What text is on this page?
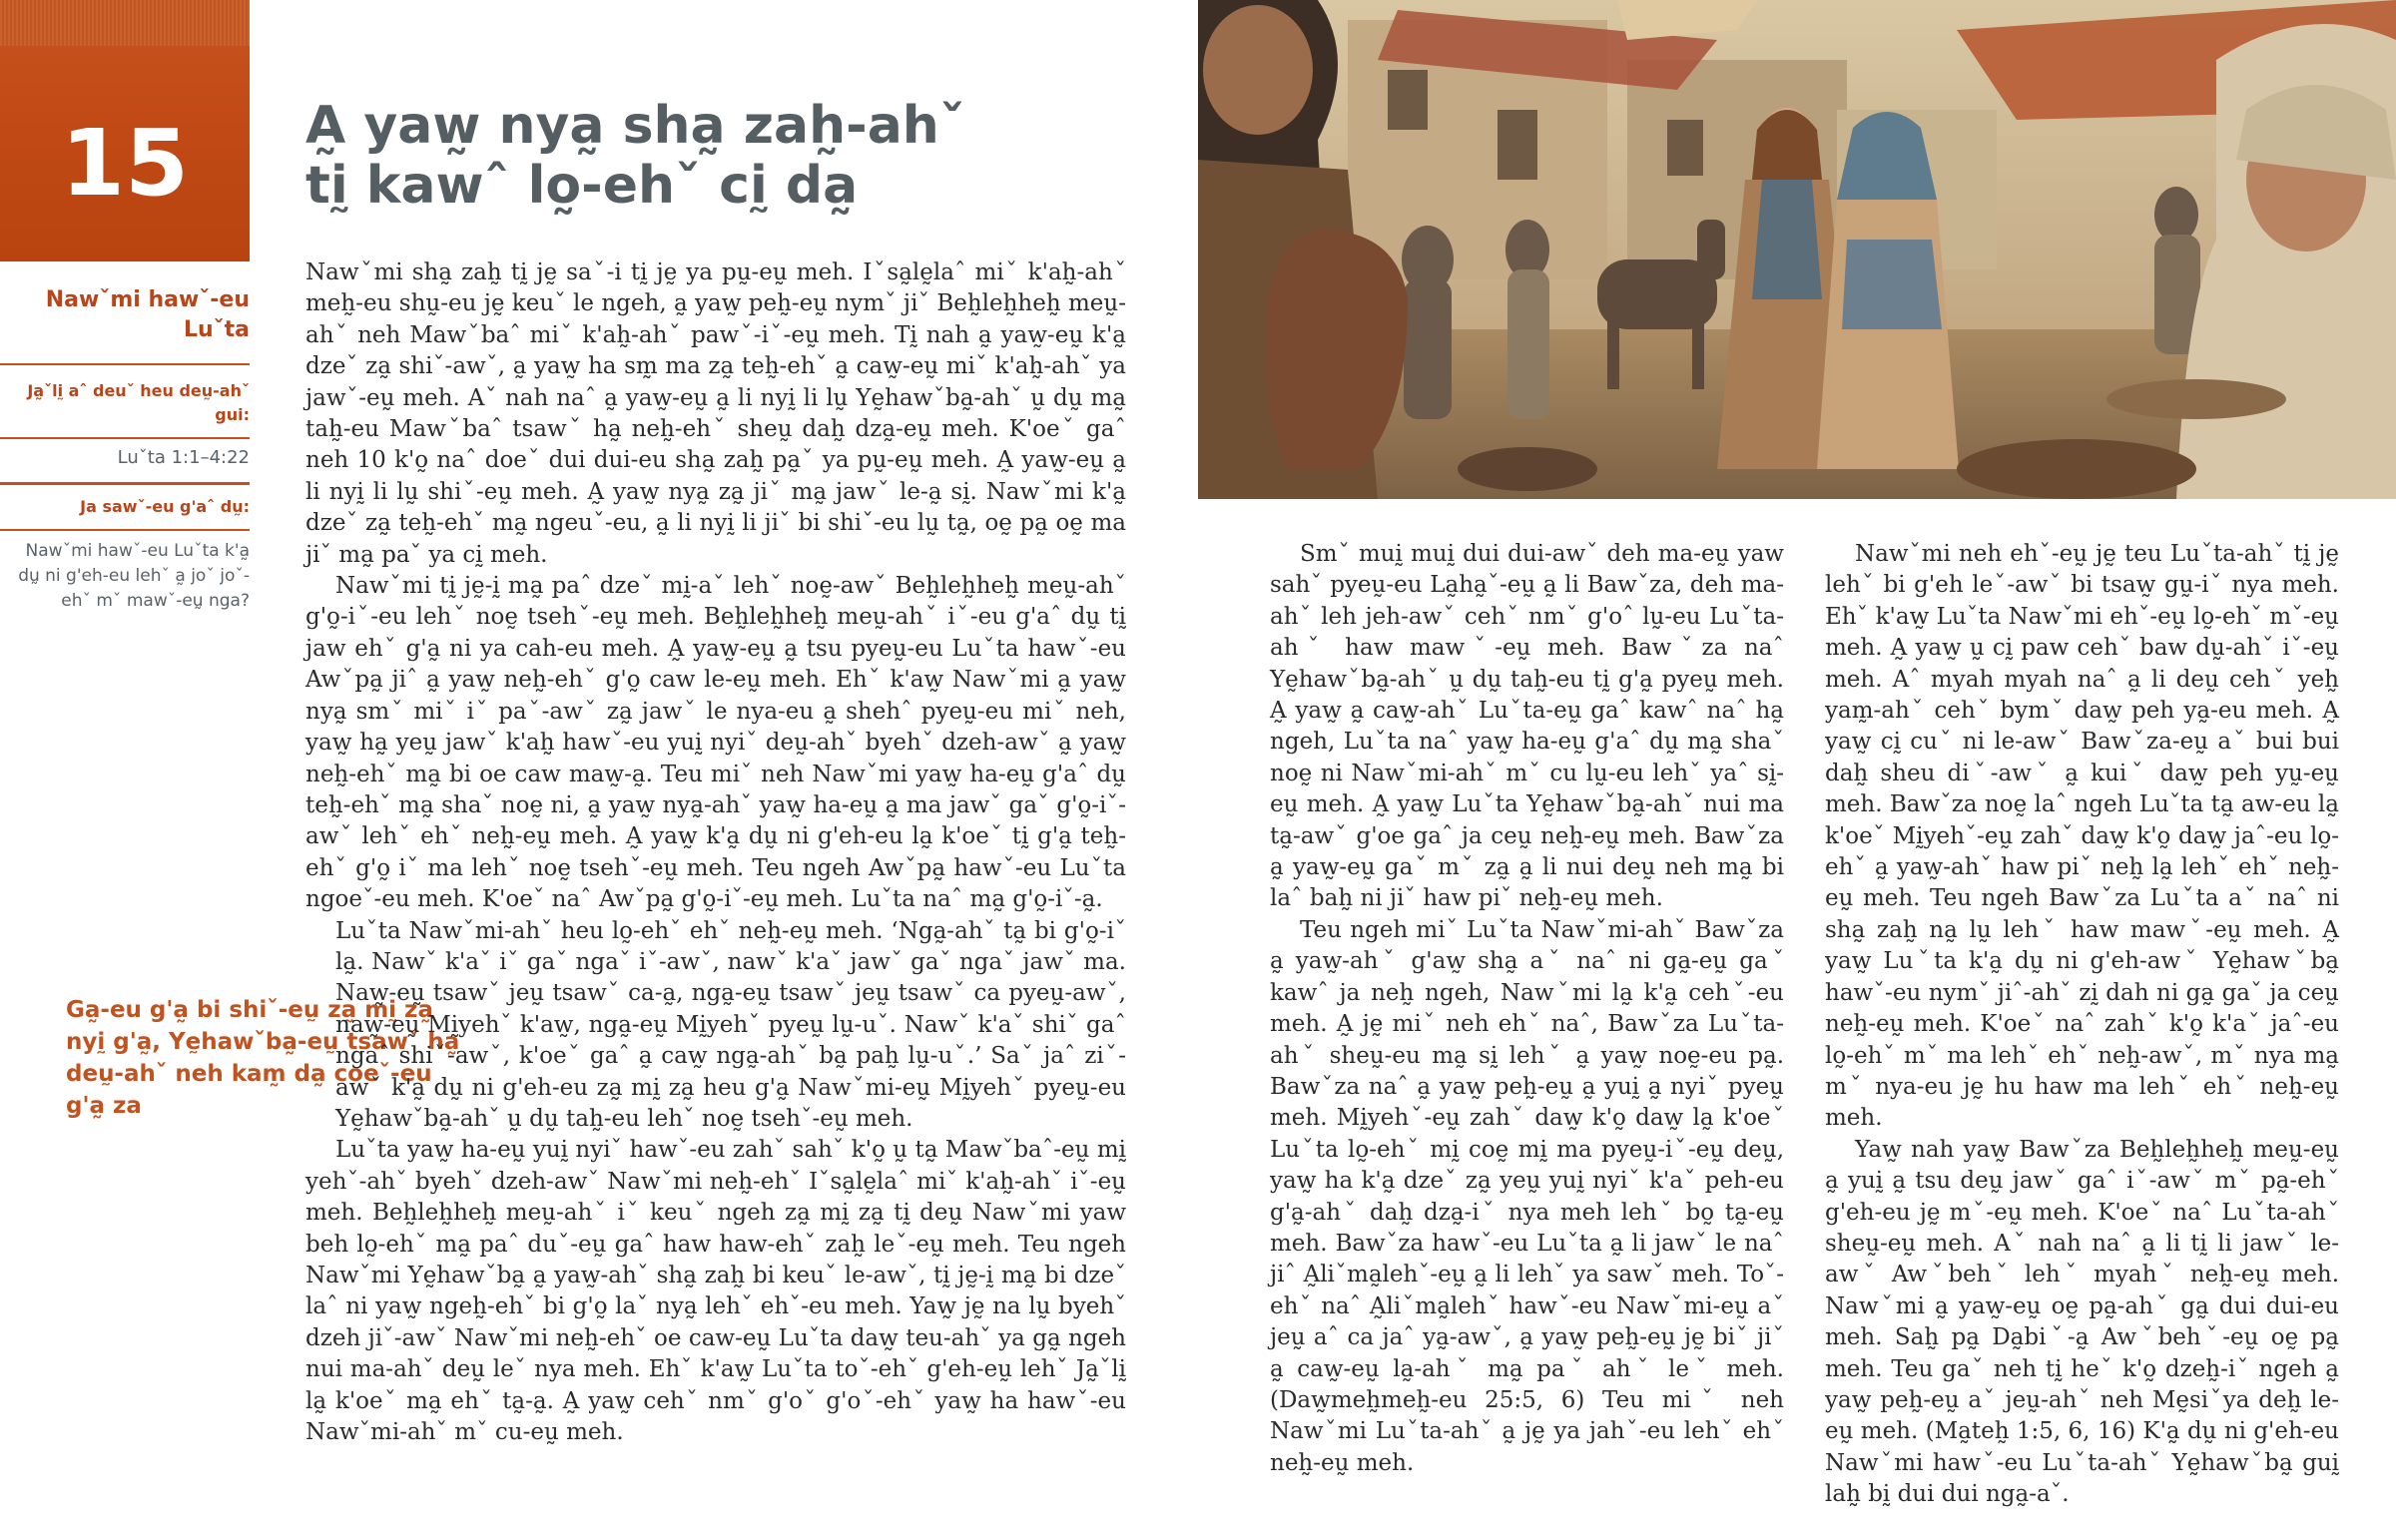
15
Nawˇmi hawˇ-eu Luˇta
Ja̰ˇlḭ aˆ deuˇ heu deṵ-ahˇ gui:
Luˇta 1:1–4:22
Ja sawˇ-eu g'aˆ dṵ:
Nawˇmi hawˇ-eu Luˇta k'a̰ dṵ ni g'eh-eu lehˇ a̰ joˇ joˇ-ehˇ mˇ mawˇ-eṵ nga?
A̰ yaw̰ nya̰ sha̰ zah̰-ahˇ
tḭ kawˆ lo̰-ehˇ cḭ da̰

Ga̰-eu g'a̰ bi shiˇ-eṵ za̰ mḭ za̰ nyḭ g'a̰, Yḛhawˇba̰-eṵ tsawˇ ha̰ deṵ-ahˇ neh kam̰ da̰ coeˇ-eu g'a̰ za

Nawˇmi sha̰ zah̰ tḭ jḛ saˇ-i tḭ jḛ ya pṵ-eṵ meh. Iˇsa̰lḛlaˆ miˇ k'ah̰-ahˇ meh̰-eu shṵ-eu jḛ keuˇ le ngeh, a̰ yaw̰ peh̰-eṵ nymˇ jiˇ Beh̰leh̰heh̰ meṵ-ahˇ neh Mawˇbaˆ miˇ k'ah̰-ahˇ pawˇ-iˇ-eṵ meh. Tḭ nah a̰ yaw̰-eṵ k'a̰ dzeˇ za̰ shiˇ-awˇ, a̰ yaw̰ ha sm̰ ma za̰ teh̰-ehˇ a̰ caw̰-eṵ miˇ k'ah̰-ahˇ ya jawˇ-eṵ meh. Aˇ nah naˆ a̰ yaw̰-eṵ a̰ li nyḭ li lṵ Yḛhawˇba̰-ahˇ ṵ dṵ ma̰ tah̰-eu Mawˇbaˆ tsawˇ ha̰ neh̰-ehˇ sheṵ dah̰ dza̰-eṵ meh. K'oeˇ gaˆ neh 10 k'o̰ naˆ doeˇ dui dui-eu sha̰ zah̰ pa̰ˇ ya pṵ-eṵ meh. A̰ yaw̰-eṵ a̰ li nyḭ li lṵ shiˇ-eṵ meh. A̰ yaw̰ nya̰ za̰ jiˇ ma̰ jawˇ le-a̰ sḭ. Nawˇmi k'a̰ dzeˇ za̰ teh̰-ehˇ ma̰ ngeuˇ-eu, a̰ li nyḭ li jiˇ bi shiˇ-eu lṵ ta̰, oḛ pa̰ oḛ ma jiˇ ma̰ paˇ ya cḭ meh.

Nawˇmi tḭ jḛ-ḭ ma̰ paˆ dzeˇ mḭ-aˇ lehˇ noḛ-awˇ Beh̰leh̰heh̰ meṵ-ahˇ g'o̰-iˇ-eu lehˇ noḛ tsehˇ-eṵ meh. Beh̰leh̰heh̰ meṵ-ahˇ iˇ-eu g'aˆ dṵ tḭ jaw ehˇ g'a̰ ni ya cah-eu meh. A̰ yaw̰-eṵ a̰ tsu pyeṵ-eu Luˇta hawˇ-eu Awˇpa̰ jiˆ a̰ yaw̰ neh̰-ehˇ g'o̰ caw le-eṵ meh. Ehˇ k'aw̰ Nawˇmi a̰ yaw̰ nya̰ smˇ miˇ iˇ paˇ-awˇ za̰ jawˇ le nya-eu a̰ shehˆ pyeṵ-eu miˇ neh, yaw̰ ha̰ yeṵ jawˇ k'ah̰ hawˇ-eu yuḭ nyiˇ deṵ-ahˇ byehˇ dzeh-awˇ a̰ yaw̰ neh̰-ehˇ ma̰ bi oe caw maw̰-a̰. Teu miˇ neh Nawˇmi yaw̰ ha-eṵ g'aˆ dṵ teh̰-ehˇ ma̰ shaˇ noḛ ni, a̰ yaw̰ nya̰-ahˇ yaw̰ ha-eṵ a̰ ma jawˇ gaˇ g'o̰-iˇ-awˇ lehˇ ehˇ neh̰-eṵ meh. A̰ yaw̰ k'a̰ dṵ ni g'eh-eu la̰ k'oeˇ tḭ g'a̰ teh̰-ehˇ g'o̰ iˇ ma lehˇ noḛ tsehˇ-eṵ meh. Teu ngeh Awˇpa̰ hawˇ-eu Luˇta ngoeˇ-eu meh. K'oeˇ naˆ Awˇpa̰ g'o̰-iˇ-eṵ meh. Luˇta naˆ ma̰ g'o̰-iˇ-a̰.

Luˇta Nawˇmi-ahˇ heu lo̰-ehˇ ehˇ neh̰-eṵ meh. ‘Nga̰-ahˇ ta̰ bi g'o̰-iˇ la̰. Nawˇ k'aˇ iˇ gaˇ ngaˇ iˇ-awˇ, nawˇ k'aˇ jawˇ gaˇ ngaˇ jawˇ ma. Naw̰-eṵ tsawˇ jeṵ tsawˇ ca-a̰, nga̰-eṵ tsawˇ jeṵ tsawˇ ca pyeṵ-awˇ, naw̰-eṵ Mḭyehˇ k'aw̰, nga̰-eṵ Mḭyehˇ pyeṵ lṵ-uˇ. Nawˇ k'aˇ shiˇ gaˆ ngaˆ shiˇ-awˇ, k'oeˇ gaˆ a̰ caw̰ nga̰-ahˇ ba̰ pah̰ lṵ-uˇ.’ Saˇ jaˆ ziˇ-awˇ k'a̰ dṵ ni g'eh-eu za̰ mḭ za̰ heu g'a̰ Nawˇmi-eṵ Mḭyehˇ pyeṵ-eu Yḛhawˇba̰-ahˇ ṵ dṵ tah̰-eu lehˇ noḛ tsehˇ-eṵ meh.

Luˇta yaw̰ ha-eṵ yuḭ nyiˇ hawˇ-eu zahˇ sahˇ k'o̰ ṵ ta̰ Mawˇbaˆ-eṵ mḭ yehˇ-ahˇ byehˇ dzeh-awˇ Nawˇmi neh̰-ehˇ Iˇsa̰lḛlaˆ miˇ k'ah̰-ahˇ iˇ-eṵ meh. Beh̰leh̰heh̰ meṵ-ahˇ iˇ keuˇ ngeh za̰ mḭ za̰ tḭ deṵ Nawˇmi yaw beh lo̰-ehˇ ma̰ paˆ duˇ-eṵ gaˆ haw haw-ehˇ zah̰ leˇ-eṵ meh. Teu ngeh Nawˇmi Yḛhawˇba̰ a̰ yaw̰-ahˇ sha̰ zah̰ bi keuˇ le-awˇ, tḭ jḛ-ḭ ma̰ bi dzeˇ laˆ ni yaw̰ ngeh̰-ehˇ bi g'o̰ laˇ nya̰ lehˇ ehˇ-eu meh. Yaw̰ jḛ na lṵ byehˇ dzeh jiˇ-awˇ Nawˇmi neh̰-ehˇ oe caw-eṵ Luˇta daw̰ teu-ahˇ ya ga̰ ngeh nui ma-ahˇ deṵ leˇ nya meh. Ehˇ k'aw̰ Luˇta toˇ-ehˇ g'eh-eṵ lehˇ Ja̰ˇlḭ la̰ k'oeˇ ma̰ ehˇ ta̰-a̰. A̰ yaw̰ cehˇ nmˇ g'oˇ g'oˇ-ehˇ yaw̰ ha hawˇ-eu Nawˇmi-ahˇ mˇ cu-eṵ meh.

Smˇ muḭ muḭ dui dui-awˇ deh ma-eṵ yaw sahˇ pyeṵ-eu La̰ha̰ˇ-eṵ a̰ li Bawˇza, deh ma-ahˇ leh jeh-awˇ cehˇ nmˇ g'oˆ lṵ-eu Luˇta-ahˇ haw mawˇ-eṵ meh. Bawˇza naˆ Yḛhawˇba̰-ahˇ ṵ dṵ tah̰-eu tḭ g'a̰ pyeṵ meh. A̰ yaw̰ a̰ caw̰-ahˇ Luˇta-eṵ gaˆ kawˆ naˆ ha̰ ngeh, Luˇta naˆ yaw̰ ha-eṵ g'aˆ dṵ ma̰ shaˇ noḛ ni Nawˇmi-ahˇ mˇ cu lṵ-eu lehˇ yaˆ sḭ-eṵ meh. A̰ yaw̰ Luˇta Yḛhawˇba̰-ahˇ nui ma ta̰-awˇ g'oe gaˆ ja ceṵ neh̰-eṵ meh. Bawˇza a̰ yaw̰-eṵ gaˇ mˇ za̰ a̰ li nui deṵ neh ma̰ bi laˆ bah̰ ni jiˇ haw piˇ neh̰-eṵ meh.

Teu ngeh miˇ Luˇta Nawˇmi-ahˇ Bawˇza a̰ yaw̰-ahˇ g'aw̰ sha̰ aˇ naˆ ni ga̰-eṵ gaˇ kawˆ ja neh̰ ngeh, Nawˇmi la̰ k'a̰ cehˇ-eu meh. A̰ jḛ miˇ neh ehˇ naˆ, Bawˇza Luˇta-ahˇ sheṵ-eu ma̰ sḭ lehˇ a̰ yaw̰ noḛ-eu pa̰. Bawˇza naˆ a̰ yaw̰ peh̰-eṵ a̰ yuḭ a̰ nyiˇ pyeṵ meh. Mḭyehˇ-eṵ zahˇ daw̰ k'o̰ daw̰ la̰ k'oeˇ Luˇta lo̰-ehˇ mḭ coḛ mḭ ma pyeṵ-iˇ-eṵ deṵ, yaw̰ ha k'a̰ dzeˇ za̰ yeṵ yuḭ nyiˇ k'aˇ peh-eu g'a̰-ahˇ dah̰ dza̰-iˇ nya meh lehˇ bo̰ ta̰-eṵ meh. Bawˇza hawˇ-eu Luˇta a̰ li jawˇ le naˆ jiˆ A̰liˇma̰lehˇ-eṵ a̰ li lehˇ ya sawˇ meh. Toˇ-ehˇ naˆ A̰liˇma̰lehˇ hawˇ-eu Nawˇmi-eṵ aˇ jeṵ aˆ ca jaˆ ya̰-awˇ, a̰ yaw̰ peh̰-eṵ jḛ biˇ jiˇ a̰ caw̰-eṵ la̰-ahˇ ma̰ paˇ ahˇ leˇ meh. (Daw̰meh̰meh̰-eu 25:5, 6) Teu miˇ neh Nawˇmi Luˇta-ahˇ a̰ jḛ ya jahˇ-eu lehˇ ehˇ neh̰-eṵ meh.

Nawˇmi neh ehˇ-eṵ jḛ teu Luˇta-ahˇ tḭ jḛ lehˇ bi g'eh leˇ-awˇ bi tsaw̰ gṵ-iˇ nya meh. Ehˇ k'aw̰ Luˇta Nawˇmi ehˇ-eṵ lo̰-ehˇ mˇ-eṵ meh. A̰ yaw̰ ṵ cḭ paw cehˇ baw dṵ-ahˇ iˇ-eṵ meh. Aˆ myah myah naˆ a̰ li deṵ cehˇ yeh̰ yam̰-ahˇ cehˇ bymˇ daw̰ peh ya̰-eu meh. A̰ yaw̰ cḭ cuˇ ni le-awˇ Bawˇza-eṵ aˇ bui bui dah̰ sheu diˇ-awˇ a̰ kuiˇ daw̰ peh yṵ-eṵ meh. Bawˇza noḛ laˆ ngeh Luˇta ta̰ aw-eu la̰ k'oeˇ Mḭyehˇ-eṵ zahˇ daw̰ k'o̰ daw̰ jaˆ-eu lo̰-ehˇ a̰ yaw̰-ahˇ haw piˇ neh̰ la̰ lehˇ ehˇ neh̰-eṵ meh. Teu ngeh Bawˇza Luˇta aˇ naˆ ni sha̰ zah̰ na̰ lṵ lehˇ haw mawˇ-eṵ meh. A̰ yaw̰ Luˇta k'a̰ dṵ ni g'eh-awˇ Yḛhawˇba̰ hawˇ-eu nymˇ jiˆ-ahˇ zḭ dah ni ga̰ gaˇ ja ceṵ neh̰-eṵ meh. K'oeˇ naˆ zahˇ k'o̰ k'aˇ jaˆ-eu lo̰-ehˇ mˇ ma lehˇ ehˇ neh̰-awˇ, mˇ nya ma̰ mˇ nya-eu jḛ hu haw ma lehˇ ehˇ neh̰-eṵ meh.

Yaw̰ nah yaw̰ Bawˇza Beh̰leh̰heh̰ meṵ-eṵ a̰ yuḭ a̰ tsu deṵ jawˇ gaˆ iˇ-awˇ mˇ pa̰-ehˇ g'eh-eu jḛ mˇ-eṵ meh. K'oeˇ naˆ Luˇta-ahˇ sheṵ-eṵ meh. Aˇ nah naˆ a̰ li tḭ li jawˇ le-awˇ Awˇbehˇ lehˇ myahˇ neh̰-eṵ meh. Nawˇmi a̰ yaw̰-eṵ oḛ pa̰-ahˇ ga̰ dui dui-eu meh. Sah̰ pa̰ Da̰biˇ-a̰ Awˇbehˇ-eṵ oḛ pa̰ meh. Teu gaˇ neh tḭ heˇ k'o̰ dzeh̰-iˇ ngeh a̰ yaw̰ peh̰-eṵ aˇ jeṵ-ahˇ neh Mḛsiˇya deh̰ le-eṵ meh. (Ma̰teh̰ 1:5, 6, 16) K'a̰ dṵ ni g'eh-eu Nawˇmi hawˇ-eu Luˇta-ahˇ Yḛhawˇba̰ guḭ lah̰ bḭ dui dui nga̰-aˇ.
